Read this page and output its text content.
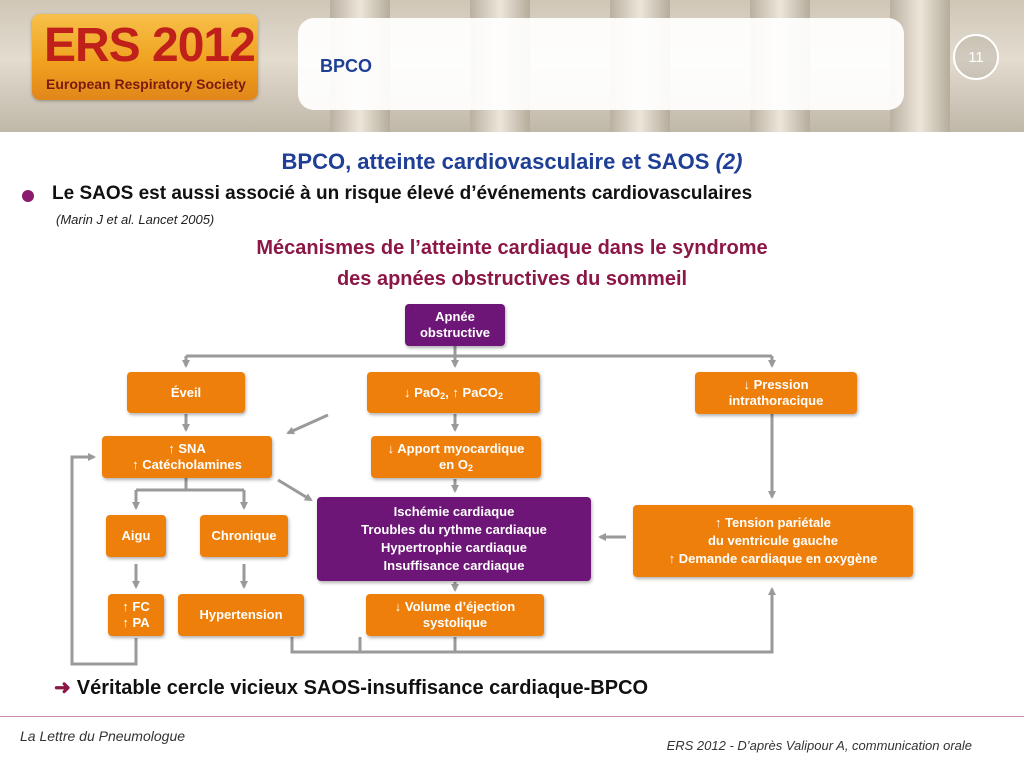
ERS 2012
European Respiratory Society
BPCO	11
BPCO, atteinte cardiovasculaire et SAOS (2)
Le SAOS est aussi associé à un risque élevé d’événements cardiovasculaires
(Marin J et al. Lancet 2005)
Mécanismes de l’atteinte cardiaque dans le syndrome
des apnées obstructives du sommeil
Apnée
obstructive
Éveil	↓ PaO$_2$, ↑ PaCO$_2$
↓ Pression
intrathoracique
↑ SNA
↑ Catécholamines
↓ Apport myocardique
en $O_2$
Ischémie cardiaque
Troubles du rythme cardiaque
Hypertrophie cardiaque
Insuffisance cardiaque
↑ Tension pariétale
du ventricule gauche
↑ Demande cardiaque en oxygène
Aigu	Chronique
↑ FC
↑ PA
Hypertension
↓ Volume d’éjection
systolique
➜ Véritable cercle vicieux SAOS-insuffisance cardiaque-BPCO
La Lettre du Pneumologue
ERS 2012 - D’après Valipour A, communication orale
